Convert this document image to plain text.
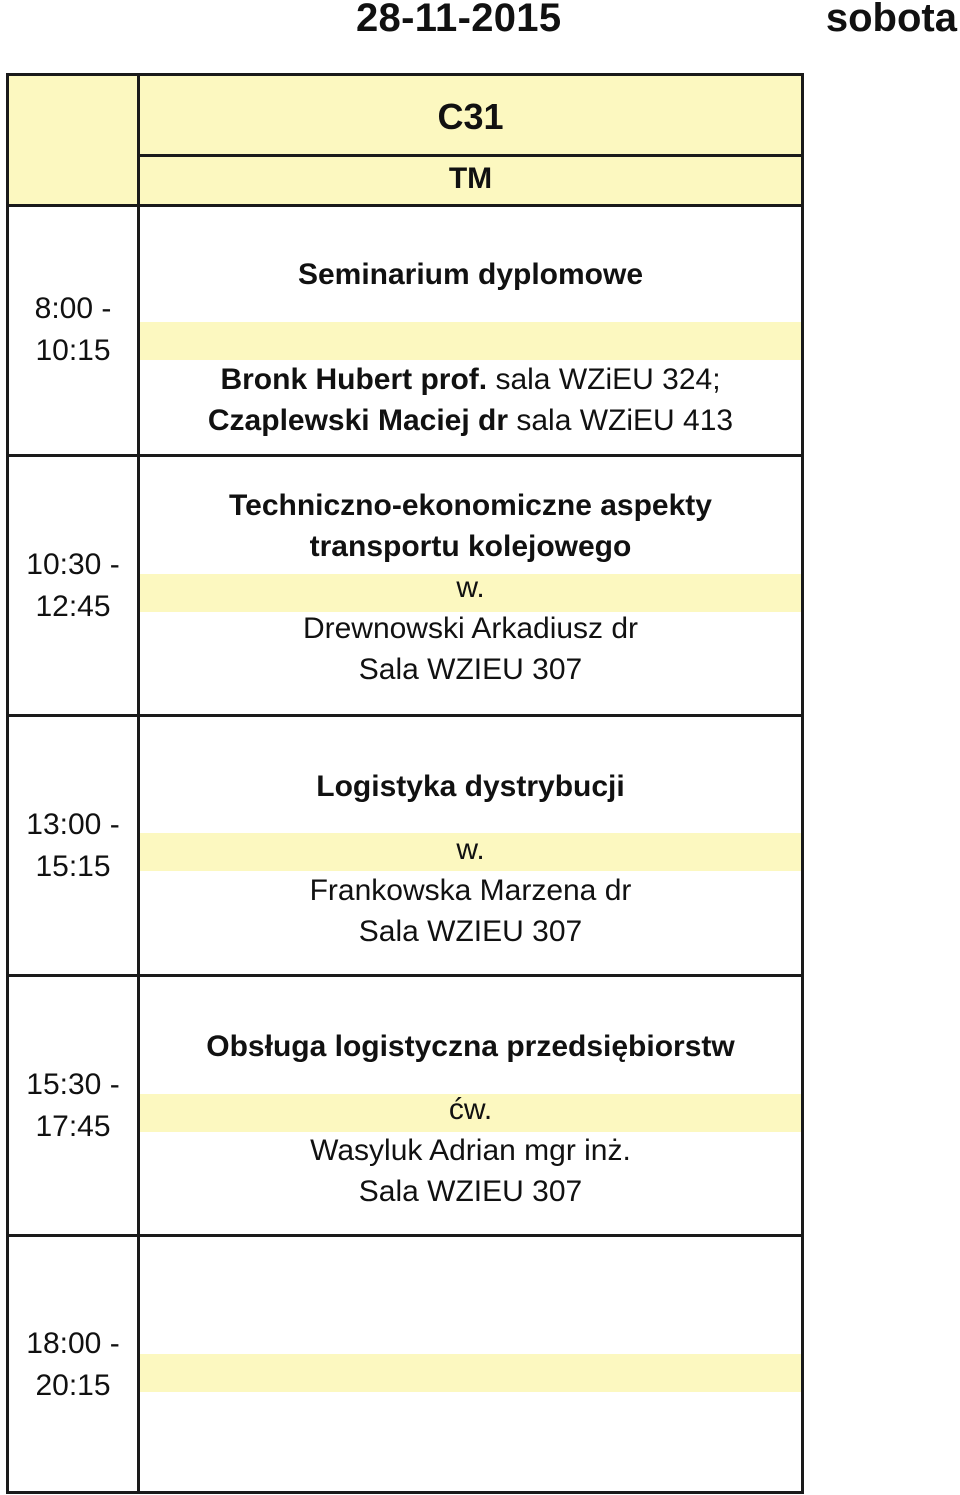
28-11-2015	sobota
C31
TM
8:00 -
10:15
Seminarium dyplomowe
Bronk Hubert prof. sala WZiEU 324;
Czaplewski Maciej dr sala WZiEU 413
10:30 -
12:45
Techniczno-ekonomiczne aspekty
transportu kolejowego
w.
Drewnowski Arkadiusz dr
Sala WZIEU 307
13:00 -
15:15
Logistyka dystrybucji
w.
Frankowska Marzena dr
Sala WZIEU 307
15:30 -
17:45
Obsługa logistyczna przedsiębiorstw
ćw.
Wasyluk Adrian mgr inż.
Sala WZIEU 307
18:00 -
20:15
